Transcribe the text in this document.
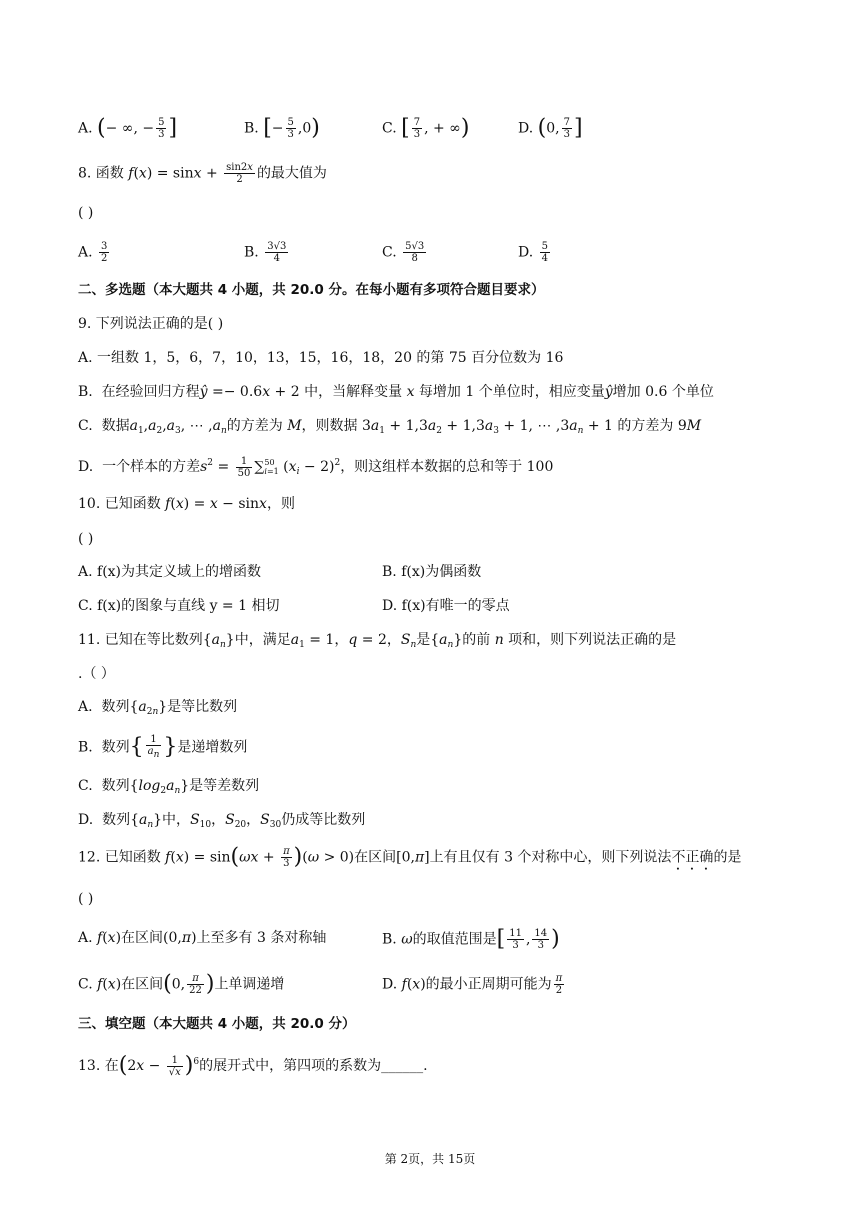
A. (− ∞, − $\frac{5}{3}$ ]	B. [− $\frac{5}{3} ,0$)	C. [ $\frac{7}{3}$ , + ∞)	D. (0, $\frac{7}{3}$ ]
8. 函数 $f(x) = \sin x + \frac{\sin 2x}{2}$ 的最大值为
( )
A. $\frac{3}{2}$	B. $\frac{3√3}{4}$	C. $\frac{5√3}{8}$	D. $\frac{5}{4}$
二、多选题（本大题共 4 小题，共 20.0 分。在每小题有多项符合题目要求）
9. 下列说法正确的是( )
A. 一组数 1，5，6，7，10，13，15，16，18，20 的第 75 百分位数为 16
B.  在经验回归方程ŷ =− 0.6x + 2 中，当解释变量 x 每增加 1 个单位时，相应变量ŷ增加 0.6 个单位
C.  数据$a_1,a_2,a_3$, ⋯ $,a_n$的方差为 M，则数据 $3a_1 + 1,3a_2 + 1,3a_3 + 1$, ⋯ $,3a_n + 1$ 的方差为 9M
D.  一个样本的方差$s^2 = \frac{1}{50}$ ∑ 50
i=1 $(x_i - 2)^2$，则这组样本数据的总和等于 100
10. 已知函数 f(x) = x − sinx，则
( )
A. f(x)为其定义域上的增函数	B. f(x)为偶函数
C. f(x)的图象与直线 y = 1 相切	D. f(x)有唯一的零点
11. 已知在等比数列$\{a_n\}$中，满足$a_1 = 1$，q = 2，$S_n$是$\{a_n\}$的前 n 项和，则下列说法正确的是
.（ ）
A.  数列$\{a_{2n}\}$是等比数列
B.  数列{ $\frac{1}{an}$ }是递增数列
C.  数列$\{\log_2a_n\}$是等差数列
D.  数列$\{a_n\}$中，$S_{10}$，$S_{20}$，$S_{30}$仍成等比数列
12. 已知函数 $f(x) = \sin(\omega x + \frac{\pi}{3} )(\omega > 0)$在区间[0,π]上有且仅有 3 个对称中心，则下列说法不正确的是
( )
A. f(x)在区间(0,π)上至多有 3 条对称轴	B. ω的取值范围是[ $\frac{11}{3}$ , $\frac{14}{3}$ )
C. f(x)在区间(0, $\frac{\pi}{22}$ )上单调递增	D. f(x)的最小正周期可能为 $\frac{\pi}{2}$
三、填空题（本大题共 4 小题，共 20.0 分）
13. 在$(2x - \frac{1}{√x} )^6$的展开式中，第四项的系数为______.
第 2页，共 15页
